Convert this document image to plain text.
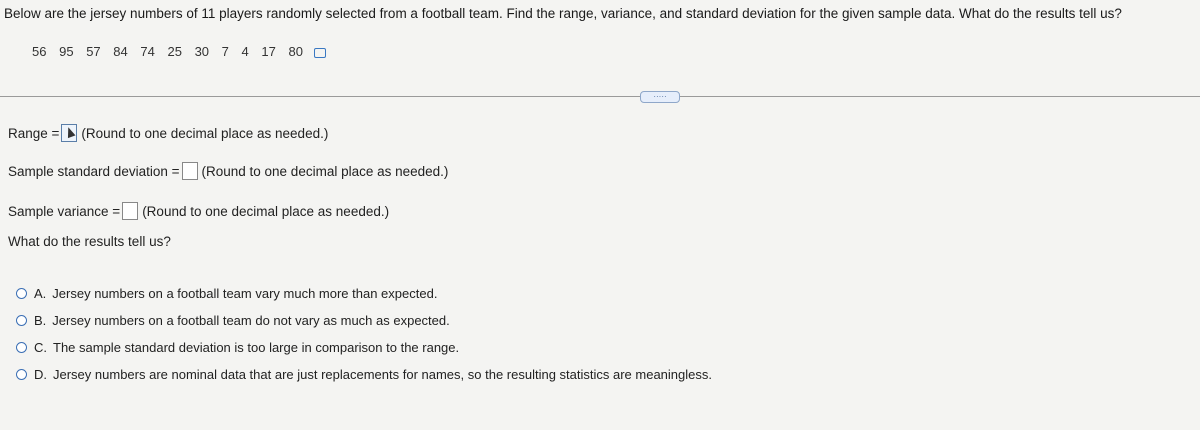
Below are the jersey numbers of 11 players randomly selected from a football team. Find the range, variance, and standard deviation for the given sample data. What do the results tell us?
56 95 57 84 74 25 30 7 4 17 80
·····
Range = (Round to one decimal place as needed.)
Sample standard deviation = (Round to one decimal place as needed.)
Sample variance = (Round to one decimal place as needed.)
What do the results tell us?
A. Jersey numbers on a football team vary much more than expected.
B. Jersey numbers on a football team do not vary as much as expected.
C. The sample standard deviation is too large in comparison to the range.
D. Jersey numbers are nominal data that are just replacements for names, so the resulting statistics are meaningless.
